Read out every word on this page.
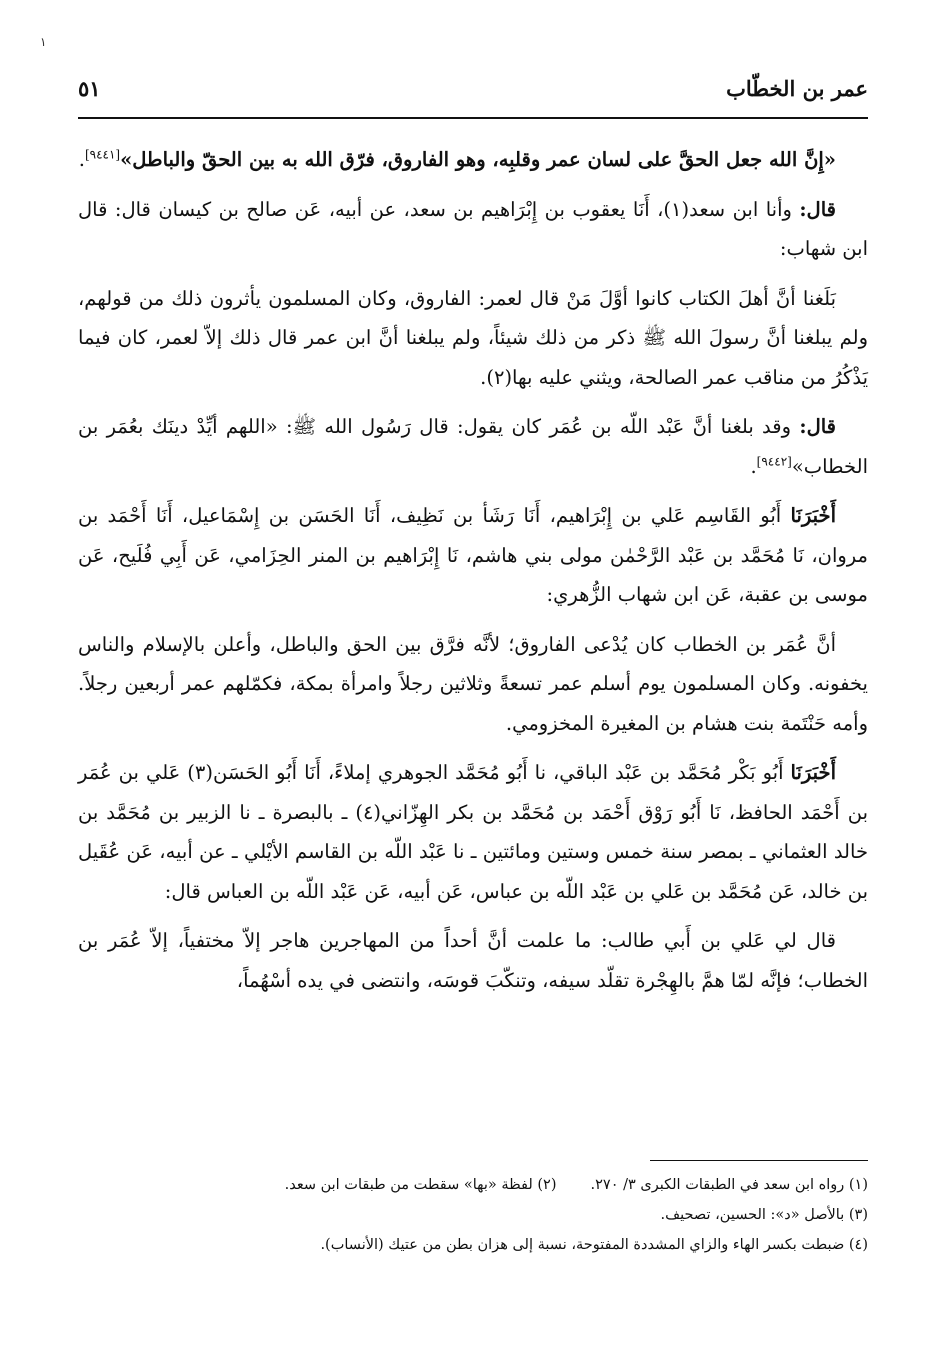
١
عمر بن الخطّاب
٥١

«إِنَّ الله جعل الحقَّ على لسان عمر وقلبِه، وهو الفاروق، فرّق الله به بين الحقّ والباطل»[٩٤٤١].

قال: وأنا ابن سعد(١)، أَنَا يعقوب بن إِبْرَاهيم بن سعد، عن أبيه، عَن صالح بن كيسان قال: قال ابن شهاب:

بَلَغنا أنَّ أهلَ الكتاب كانوا أوَّلَ مَنْ قال لعمر: الفاروق، وكان المسلمون يأثرون ذلك من قولهم، ولم يبلغنا أنَّ رسولَ الله ﷺ ذكر من ذلك شيئاً، ولم يبلغنا أنَّ ابن عمر قال ذلك إلاّ لعمر، كان فيما يَذْكُرُ من مناقب عمر الصالحة، ويثني عليه بها(٢).

قال: وقد بلغنا أنَّ عَبْد اللّه بن عُمَر كان يقول: قال رَسُول الله ﷺ: «اللهم أيِّدْ دينَك بعُمَر بن الخطاب»[٩٤٤٢].

أَخْبَرَنَا أَبُو القَاسِم عَلي بن إِبْرَاهيم، أَنَا رَشَأ بن نَظِيف، أَنَا الحَسَن بن إِسْمَاعيل، أَنَا أَحْمَد بن مروان، نَا مُحَمَّد بن عَبْد الرَّحْمٰن مولى بني هاشم، نَا إِبْرَاهيم بن المنر الحِزَامي، عَن أَبِي فُلَيح، عَن موسى بن عقبة، عَن ابن شهاب الزُّهري:

أنَّ عُمَر بن الخطاب كان يُدْعى الفاروق؛ لأنَّه فرَّق بين الحق والباطل، وأعلن بالإسلام والناس يخفونه. وكان المسلمون يوم أسلم عمر تسعةً وثلاثين رجلاً وامرأة بمكة، فكمّلهم عمر أربعين رجلاً. وأمه حَنْتَمة بنت هشام بن المغيرة المخزومي.

أَخْبَرَنَا أَبُو بَكْر مُحَمَّد بن عَبْد الباقي، نا أَبُو مُحَمَّد الجوهري إملاءً، أَنَا أَبُو الحَسَن(٣) عَلي بن عُمَر بن أَحْمَد الحافظ، نَا أَبُو رَوْق أَحْمَد بن مُحَمَّد بن بكر الهِزّاني(٤) ـ بالبصرة ـ نا الزبير بن مُحَمَّد بن خالد العثماني ـ بمصر سنة خمس وستين ومائتين ـ نا عَبْد اللّه بن القاسم الأيْلي ـ عن أبيه، عَن عُقَيل بن خالد، عَن مُحَمَّد بن عَلي بن عَبْد اللّه بن عباس، عَن أبيه، عَن عَبْد اللّه بن العباس قال:

قال لي عَلي بن أَبي طالب: ما علمت أنَّ أحداً من المهاجرين هاجر إلاّ مختفياً، إلاّ عُمَر بن الخطاب؛ فإنَّه لمّا همَّ بالهِجْرة تقلّد سيفه، وتنكّبَ قوسَه، وانتضى في يده أسْهُماً،

(١) رواه ابن سعد في الطبقات الكبرى ٣/ ٢٧٠.(٢) لفظة «بها» سقطت من طبقات ابن سعد.
(٣) بالأصل «د»: الحسين، تصحيف.
(٤) ضبطت بكسر الهاء والزاي المشددة المفتوحة، نسبة إلى هزان بطن من عتيك (الأنساب).
